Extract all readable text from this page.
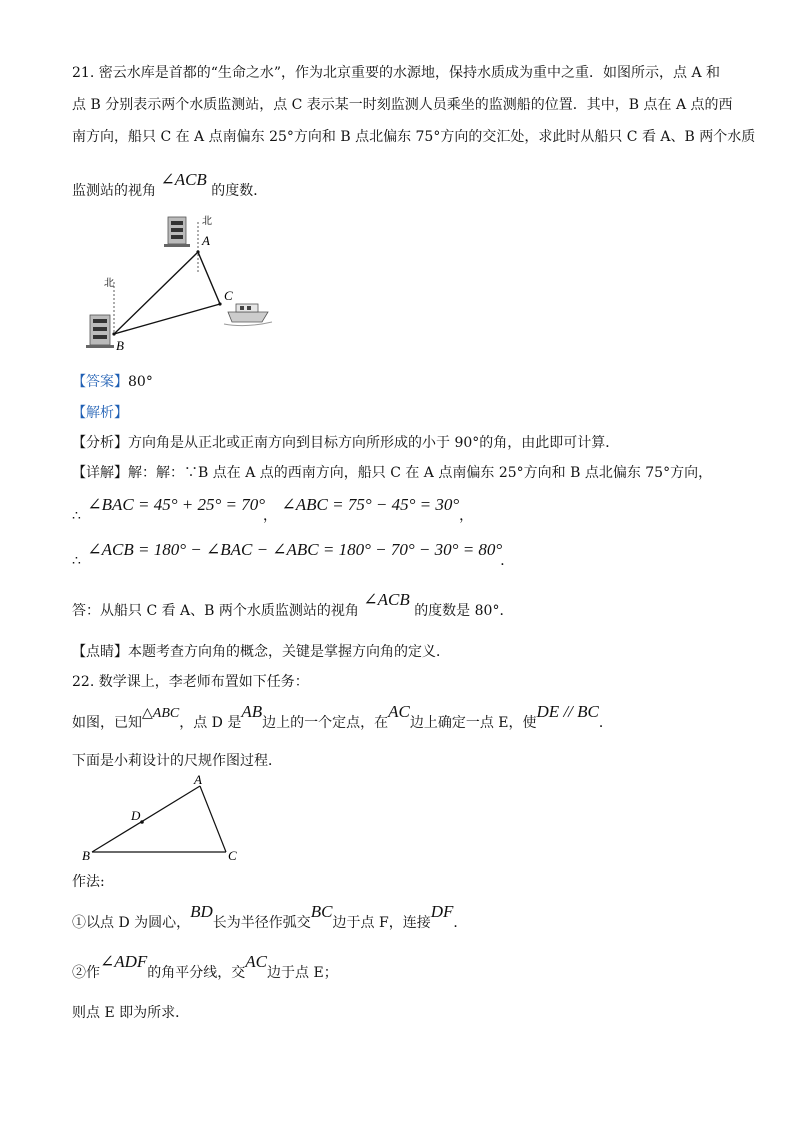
21. 密云水库是首都的“生命之水”，作为北京重要的水源地，保持水质成为重中之重．如图所示，点 A 和
点 B 分别表示两个水质监测站，点 C 表示某一时刻监测人员乘坐的监测船的位置．其中，B 点在 A 点的西
南方向，船只 C 在 A 点南偏东 25°方向和 B 点北偏东 75°方向的交汇处，求此时从船只 C 看 A、B 两个水质
监测站的视角 ∠ACB 的度数．
北
北
A
B
C
【答案】80°
【解析】
【分析】方向角是从正北或正南方向到目标方向所形成的小于 90°的角，由此即可计算．
【详解】解：解：∵B 点在 A 点的西南方向，船只 C 在 A 点南偏东 25°方向和 B 点北偏东 75°方向，
∴ ∠BAC = 45° + 25° = 70°， ∠ABC = 75° − 45° = 30°，
∴ ∠ACB = 180° − ∠BAC − ∠ABC = 180° − 70° − 30° = 80°．
答：从船只 C 看 A、B 两个水质监测站的视角 ∠ACB 的度数是 80°．
【点睛】本题考查方向角的概念，关键是掌握方向角的定义．
22. 数学课上，李老师布置如下任务：
如图，已知△ABC，点 D 是AB边上的一个定点，在AC边上确定一点 E，使DE // BC．
下面是小莉设计的尺规作图过程．
A
B	C
D
作法:
①以点 D 为圆心，BD长为半径作弧交BC边于点 F，连接DF．
②作∠ADF的角平分线，交AC边于点 E；
则点 E 即为所求．
